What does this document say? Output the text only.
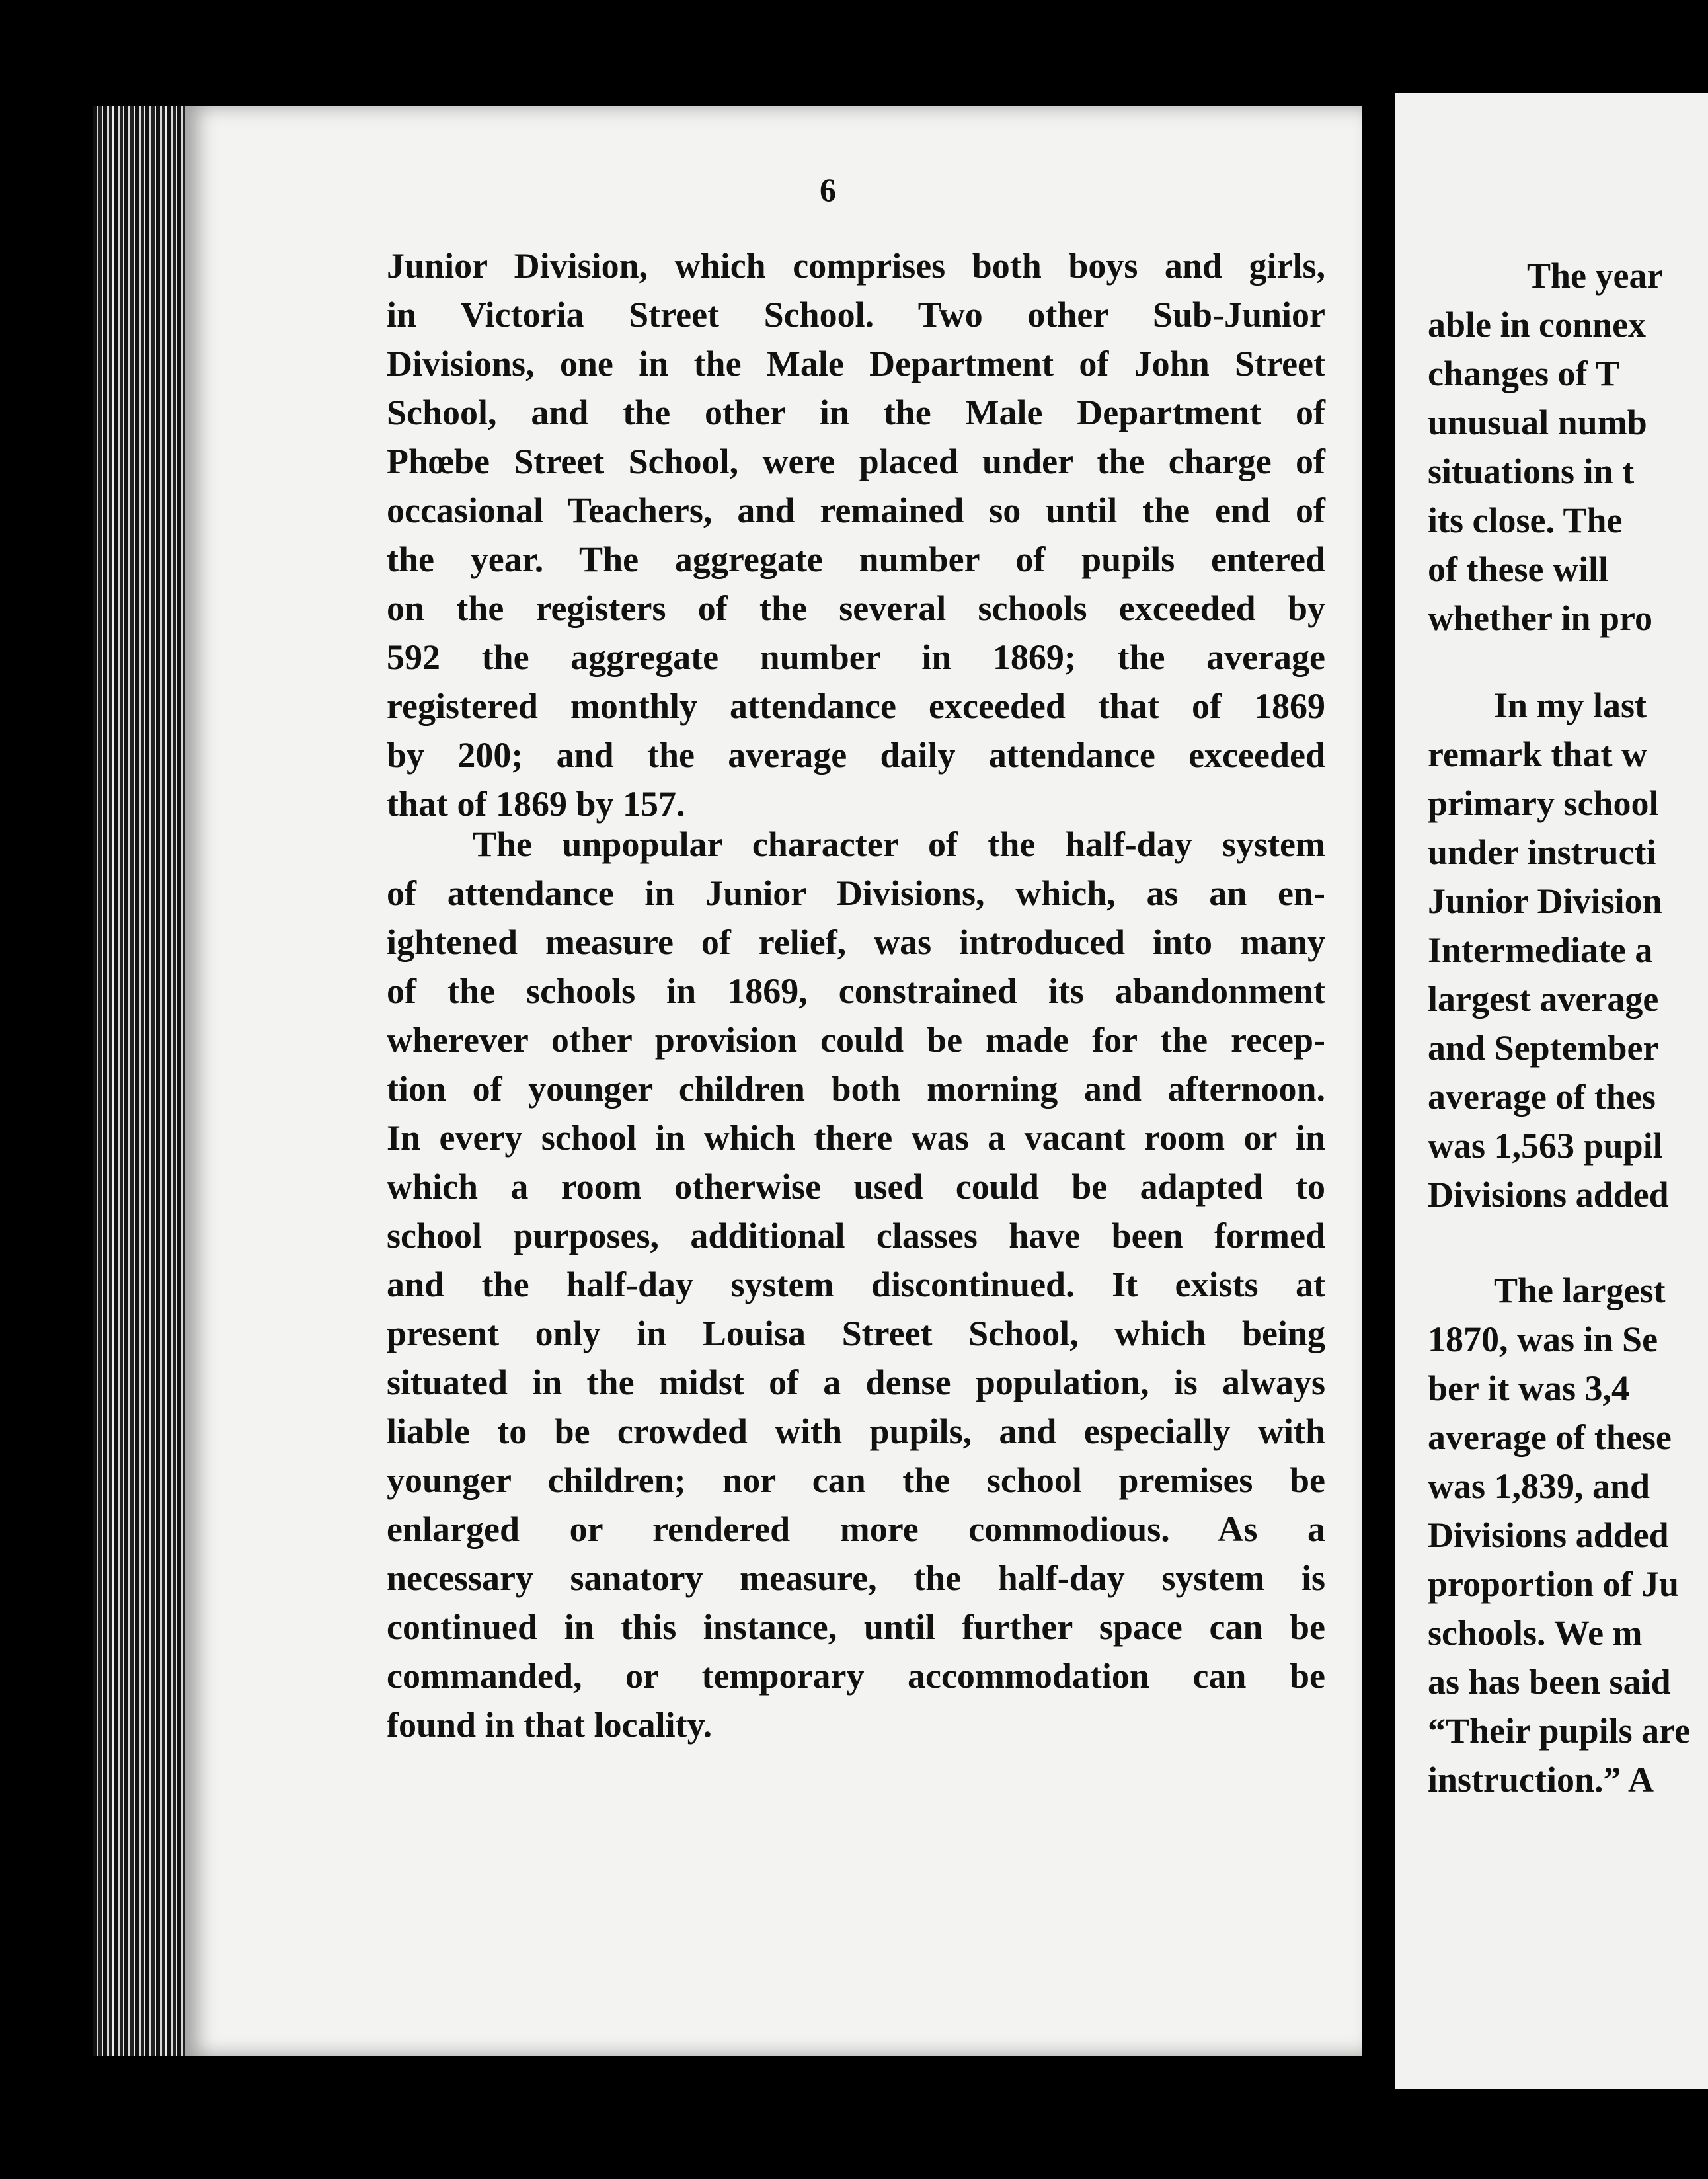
6
Junior Division, which comprises both boys and girls,
in Victoria Street School. Two other Sub-Junior
Divisions, one in the Male Department of John Street
School, and the other in the Male Department of
Phœbe Street School, were placed under the charge of
occasional Teachers, and remained so until the end of
the year. The aggregate number of pupils entered
on the registers of the several schools exceeded by
592 the aggregate number in 1869; the average
registered monthly attendance exceeded that of 1869
by 200; and the average daily attendance exceeded
that of 1869 by 157.
The unpopular character of the half-day system
of attendance in Junior Divisions, which, as an en-
ightened measure of relief, was introduced into many
of the schools in 1869, constrained its abandonment
wherever other provision could be made for the recep-
tion of younger children both morning and afternoon.
In every school in which there was a vacant room or in
which a room otherwise used could be adapted to
school purposes, additional classes have been formed
and the half-day system discontinued. It exists at
present only in Louisa Street School, which being
situated in the midst of a dense population, is always
liable to be crowded with pupils, and especially with
younger children; nor can the school premises be
enlarged or rendered more commodious. As a
necessary sanatory measure, the half-day system is
continued in this instance, until further space can be
commanded, or temporary accommodation can be
found in that locality.
The year
able in connex
changes of T
unusual numb
situations in t
its close. The
of these will
whether in pro
In my last
remark that w
primary school
under instructi
Junior Division
Intermediate a
largest average
and September
average of thes
was 1,563 pupil
Divisions added
The largest
1870, was in Se
ber it was 3,4
average of these
was 1,839, and
Divisions added
proportion of Ju
schools. We m
as has been said
“Their pupils are
instruction.” A
